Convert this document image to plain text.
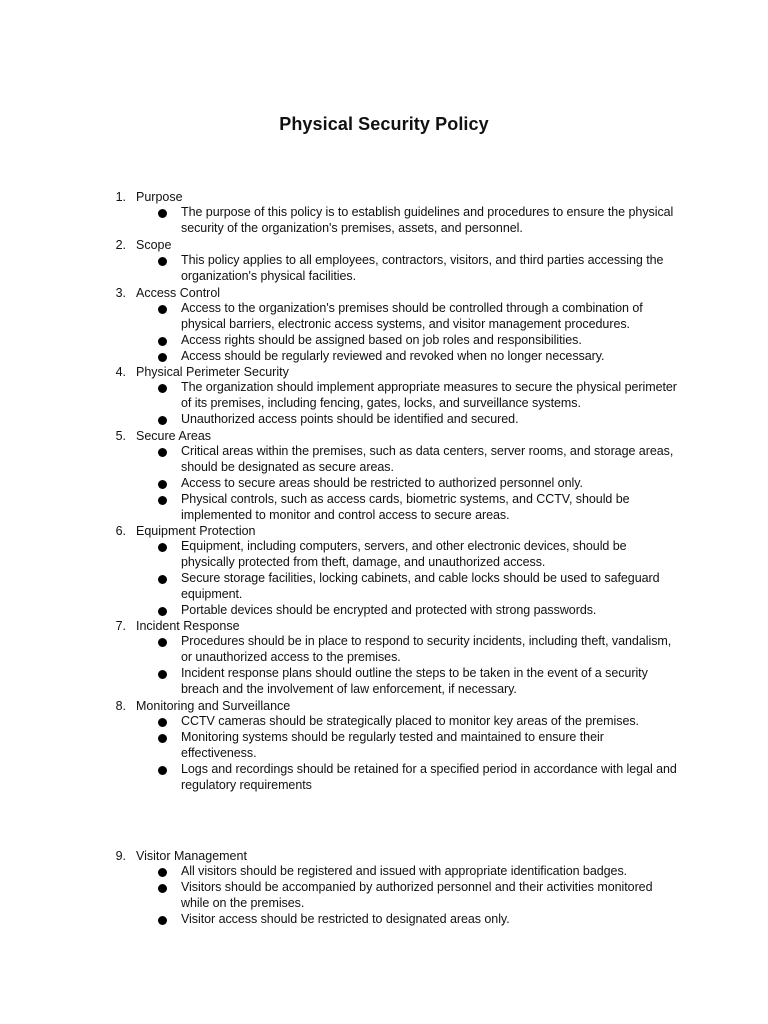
Physical Security Policy
1. Purpose
The purpose of this policy is to establish guidelines and procedures to ensure the physical security of the organization's premises, assets, and personnel.
2. Scope
This policy applies to all employees, contractors, visitors, and third parties accessing the organization's physical facilities.
3. Access Control
Access to the organization's premises should be controlled through a combination of physical barriers, electronic access systems, and visitor management procedures.
Access rights should be assigned based on job roles and responsibilities.
Access should be regularly reviewed and revoked when no longer necessary.
4. Physical Perimeter Security
The organization should implement appropriate measures to secure the physical perimeter of its premises, including fencing, gates, locks, and surveillance systems.
Unauthorized access points should be identified and secured.
5. Secure Areas
Critical areas within the premises, such as data centers, server rooms, and storage areas, should be designated as secure areas.
Access to secure areas should be restricted to authorized personnel only.
Physical controls, such as access cards, biometric systems, and CCTV, should be implemented to monitor and control access to secure areas.
6. Equipment Protection
Equipment, including computers, servers, and other electronic devices, should be physically protected from theft, damage, and unauthorized access.
Secure storage facilities, locking cabinets, and cable locks should be used to safeguard equipment.
Portable devices should be encrypted and protected with strong passwords.
7. Incident Response
Procedures should be in place to respond to security incidents, including theft, vandalism, or unauthorized access to the premises.
Incident response plans should outline the steps to be taken in the event of a security breach and the involvement of law enforcement, if necessary.
8. Monitoring and Surveillance
CCTV cameras should be strategically placed to monitor key areas of the premises.
Monitoring systems should be regularly tested and maintained to ensure their effectiveness.
Logs and recordings should be retained for a specified period in accordance with legal and regulatory requirements
9. Visitor Management
All visitors should be registered and issued with appropriate identification badges.
Visitors should be accompanied by authorized personnel and their activities monitored while on the premises.
Visitor access should be restricted to designated areas only.
